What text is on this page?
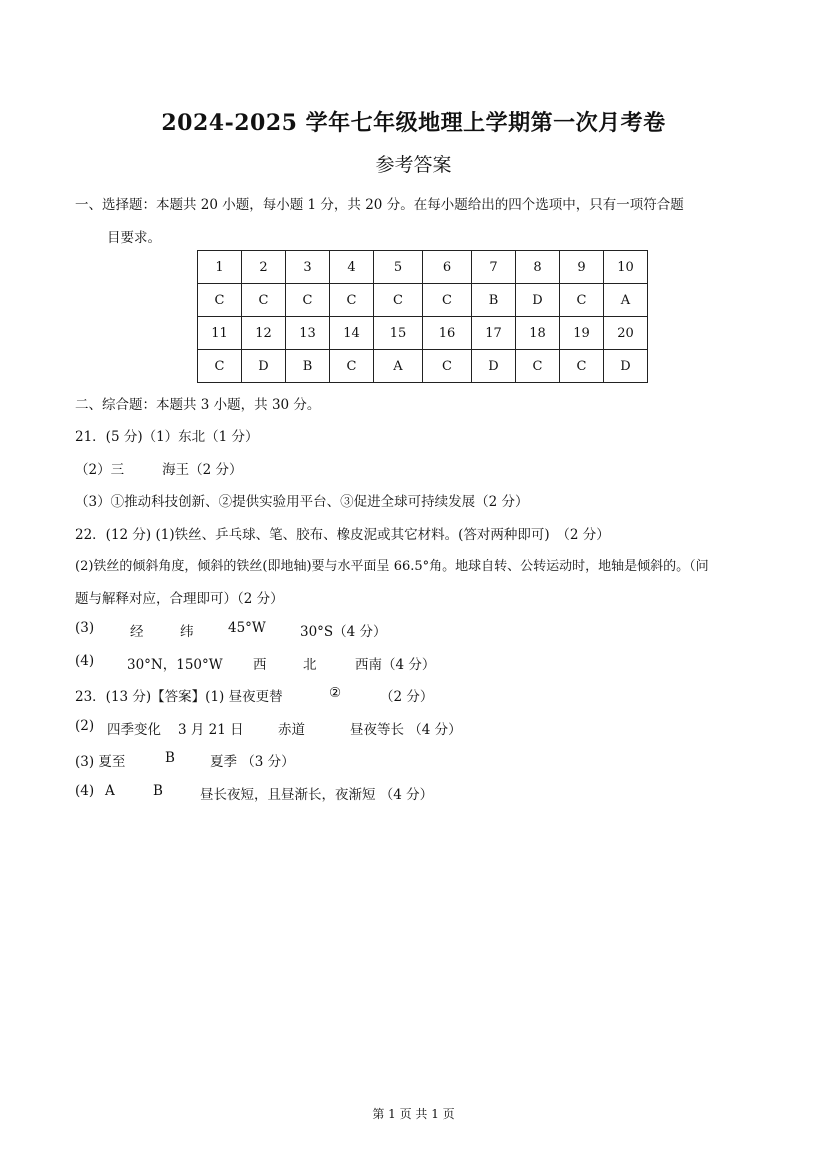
2024-2025 学年七年级地理上学期第一次月考卷
参考答案
一、选择题：本题共 20 小题，每小题 1 分，共 20 分。在每小题给出的四个选项中，只有一项符合题
目要求。
1	2	3	4	5	6	7	8	9	10
C	C	C	C	C	C	B	D	C	A
11	12	13	14	15	16	17	18	19	20
C	D	B	C	A	C	D	C	C	D
二、综合题：本题共 3 小题，共 30 分。
21．(5 分)（1）东北（1 分）
（2）三	海王（2 分）
（3）①推动科技创新、②提供实验用平台、③促进全球可持续发展（2 分）
22．(12 分) (1)铁丝、乒乓球、笔、胶布、橡皮泥或其它材料。(答对两种即可)　（2 分）
(2)铁丝的倾斜角度，倾斜的铁丝(即地轴)要与水平面呈 66.5°角。地球自转、公转运动时，地轴是倾斜的。（问
题与解释对应，合理即可）（2 分）
(3)	经	纬	45°W	30°S（4 分）
(4) 30°N，150°W 西	北	西南（4 分）
23．(13 分)【答案】(1) 昼夜更替	②	（2 分）
(2) 四季变化 3 月 21 日	赤道	昼夜等长 （4 分）
(3) 夏至	B	夏季 （3 分）
(4) A	B	昼长夜短，且昼渐长，夜渐短 （4 分）
第 1 页 共 1 页
